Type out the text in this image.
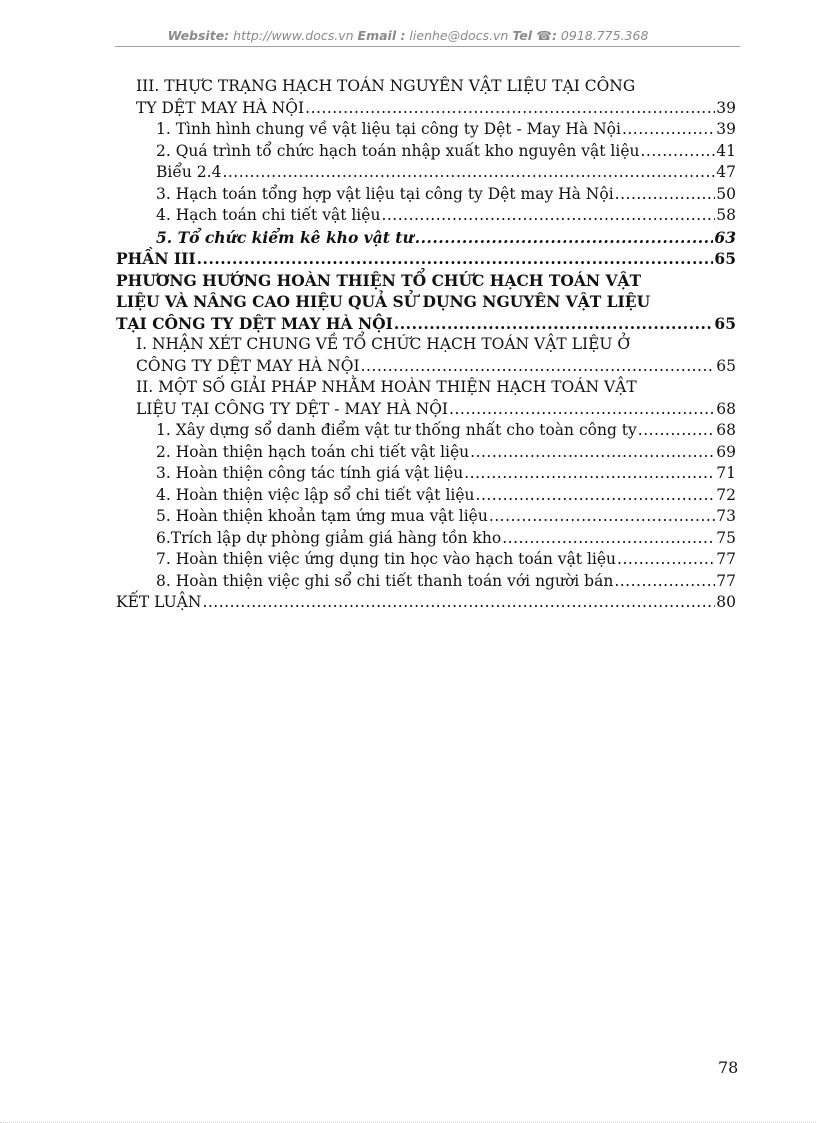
Website: http://www.docs.vn Email : lienhe@docs.vn Tel ☎: 0918.775.368
III. THỰC TRẠNG HẠCH TOÁN NGUYÊN VẬT LIỆU TẠI CÔNG
TY DỆT MAY HÀ NỘI .....	39
1. Tình hình chung về vật liệu tại công ty Dệt - May Hà Nội .....	39
2. Quá trình tổ chức hạch toán nhập xuất kho nguyên vật liệu .....	41
Biểu 2.4 .....	47
3. Hạch toán tổng hợp vật liệu tại công ty Dệt may Hà Nội .....	50
4. Hạch toán chi tiết vật liệu .....	58
5. Tổ chức kiểm kê kho vật tư .....	63
PHẦN III .....	65
PHƯƠNG HƯỚNG HOÀN THIỆN TỔ CHỨC HẠCH TOÁN VẬT
LIỆU VÀ NÂNG CAO HIỆU QUẢ SỬ DỤNG NGUYÊN VẬT LIỆU
TẠI CÔNG TY DỆT MAY HÀ NỘI .....	65
I. NHẬN XÉT CHUNG VỀ TỔ CHỨC HẠCH TOÁN VẬT LIỆU Ở
CÔNG TY DỆT MAY HÀ NỘI .....	65
II. MỘT SỐ GIẢI PHÁP NHẰM HOÀN THIỆN HẠCH TOÁN VẬT
LIỆU TẠI CÔNG TY DỆT - MAY HÀ NỘI .....	68
1. Xây dựng sổ danh điểm vật tư thống nhất cho toàn công ty .....	68
2. Hoàn thiện hạch toán chi tiết vật liệu .....	69
3. Hoàn thiện công tác tính giá vật liệu .....	71
4. Hoàn thiện việc lập sổ chi tiết vật liệu .....	72
5. Hoàn thiện khoản tạm ứng mua vật liệu .....	73
6.Trích lập dự phòng giảm giá hàng tồn kho .....	75
7. Hoàn thiện việc ứng dụng tin học vào hạch toán vật liệu .....	77
8. Hoàn thiện việc ghi sổ chi tiết thanh toán với người bán .....	77
KẾT LUẬN .....	80
78
